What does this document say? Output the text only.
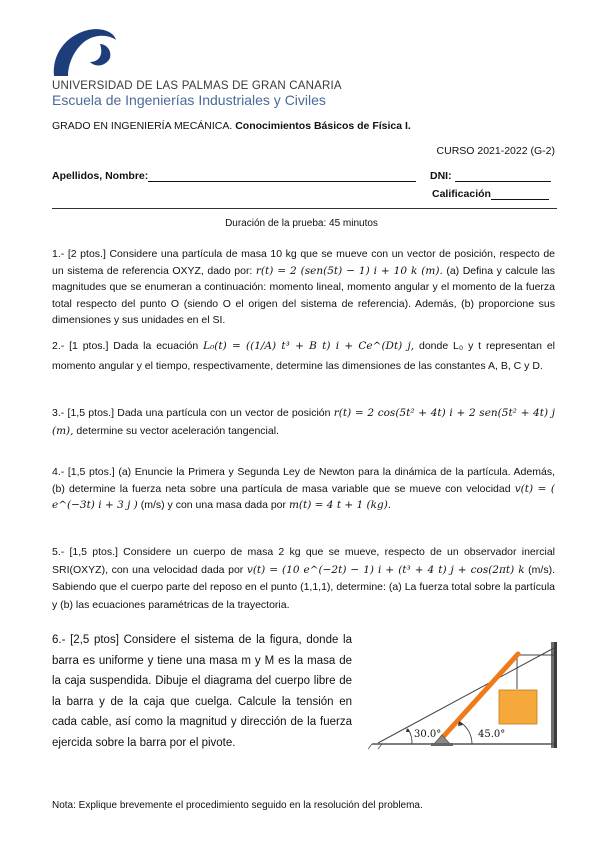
UNIVERSIDAD DE LAS PALMAS DE GRAN CANARIA
Escuela de Ingenierías Industriales y Civiles
GRADO EN INGENIERÍA MECÁNICA. Conocimientos Básicos de Física I.
CURSO 2021-2022 (G-2)
Apellidos, Nombre:	DNI:
Calificación
Duración de la prueba: 45 minutos
1.- [2 ptos.] Considere una partícula de masa 10 kg que se mueve con un vector de posición, respecto de un sistema de referencia OXYZ, dado por: r(t) = 2 (sen(5t) − 1) i + 10 k (m). (a) Defina y calcule las magnitudes que se enumeran a continuación: momento lineal, momento angular y el momento de la fuerza total respecto del punto O (siendo O el origen del sistema de referencia). Además, (b) proporcione sus dimensiones y sus unidades en el SI.
2.- [1 ptos.] Dada la ecuación L₀(t) = ((1/A) t³ + B t) i + Ce^(Dt) j, donde L₀ y t representan el momento angular y el tiempo, respectivamente, determine las dimensiones de las constantes A, B, C y D.
3.- [1,5 ptos.] Dada una partícula con un vector de posición r(t) = 2 cos(5t² + 4t) i + 2 sen(5t² + 4t) j (m), determine su vector aceleración tangencial.
4.- [1,5 ptos.] (a) Enuncie la Primera y Segunda Ley de Newton para la dinámica de la partícula. Además, (b) determine la fuerza neta sobre una partícula de masa variable que se mueve con velocidad v(t) = ( e^(−3t) i + 3 j ) (m/s) y con una masa dada por m(t) = 4 t + 1 (kg).
5.- [1,5 ptos.] Considere un cuerpo de masa 2 kg que se mueve, respecto de un observador inercial SRI(OXYZ), con una velocidad dada por v(t) = (10 e^(−2t) − 1) i + (t³ + 4 t) j + cos(2πt) k (m/s). Sabiendo que el cuerpo parte del reposo en el punto (1,1,1), determine: (a) La fuerza total sobre la partícula y (b) las ecuaciones paramétricas de la trayectoria.
6.- [2,5 ptos] Considere el sistema de la figura, donde la barra es uniforme y tiene una masa m y M es la masa de la caja suspendida. Dibuje el diagrama del cuerpo libre de la barra y de la caja que cuelga. Calcule la tensión en cada cable, así como la magnitud y dirección de la fuerza ejercida sobre la barra por el pivote.
30.0°	45.0°
Nota: Explique brevemente el procedimiento seguido en la resolución del problema.
